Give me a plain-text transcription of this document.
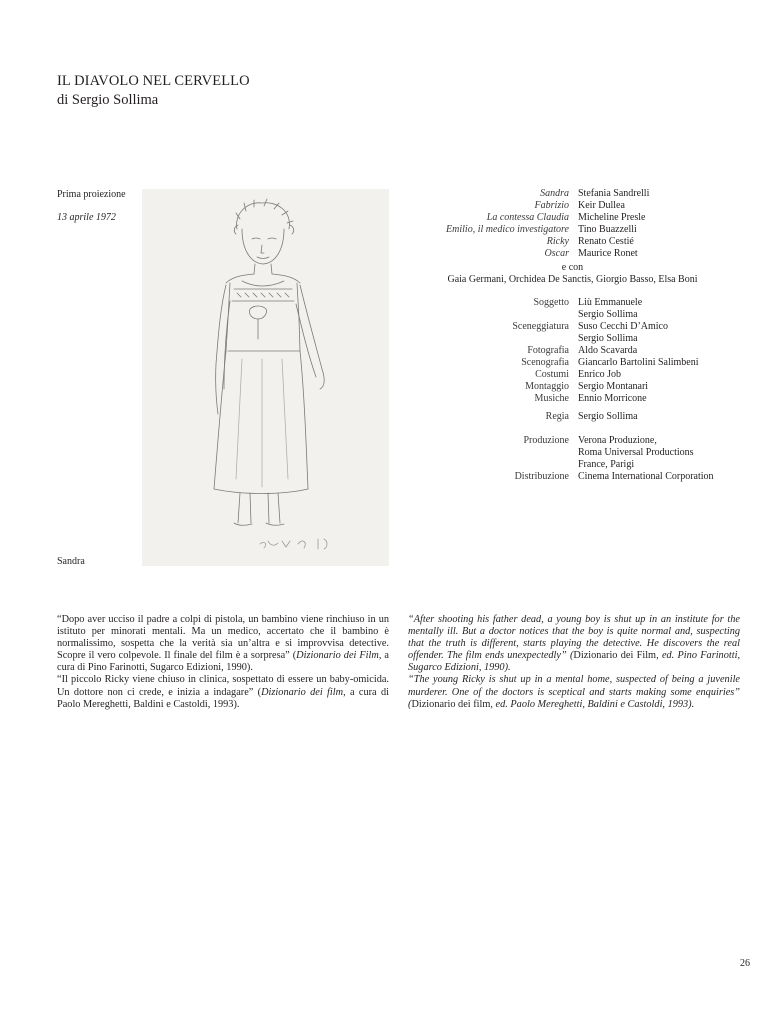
IL DIAVOLO NEL CERVELLO
di Sergio Sollima
Prima proiezione
13 aprile 1972
Sandra
Sandra Stefania Sandrelli
Fabrizio Keir Dullea
La contessa Claudia Micheline Presle
Emilio, il medico investigatore Tino Buazzelli
Ricky Renato Cestié
Oscar Maurice Ronet
e con
Gaia Germani, Orchidea De Sanctis, Giorgio Basso, Elsa Boni
Soggetto Liù Emmanuele
Sergio Sollima
Sceneggiatura Suso Cecchi D’Amico
Sergio Sollima
Fotografia Aldo Scavarda
Scenografia Giancarlo Bartolini Salimbeni
Costumi Enrico Job
Montaggio Sergio Montanari
Musiche Ennio Morricone
Regia Sergio Sollima
Produzione Verona Produzione,
Roma Universal Productions
France, Parigi
Distribuzione Cinema International Corporation

“Dopo aver ucciso il padre a colpi di pistola, un bambino viene rinchiuso in un istituto per minorati mentali. Ma un medico, accertato che il bambino è normalissimo, sospetta che la verità sia un’altra e si improvvisa detective. Scopre il vero colpevole. Il finale del film è a sorpresa” (Dizionario dei Film, a cura di Pino Farinotti, Sugarco Edizioni, 1990).

“Il piccolo Ricky viene chiuso in clinica, sospettato di essere un baby-omicida. Un dottore non ci crede, e inizia a indagare” (Dizionario dei film, a cura di Paolo Mereghetti, Baldini e Castoldi, 1993).

“After shooting his father dead, a young boy is shut up in an institute for the mentally ill. But a doctor notices that the boy is quite normal and, suspecting that the truth is different, starts playing the detective. He discovers the real offender. The film ends unexpectedly” (Dizionario dei Film, ed. Pino Farinotti, Sugarco Edizioni, 1990).

“The young Ricky is shut up in a mental home, suspected of being a juvenile murderer. One of the doctors is sceptical and starts making some enquiries” (Dizionario dei film, ed. Paolo Mereghetti, Baldini e Castoldi, 1993).

26
